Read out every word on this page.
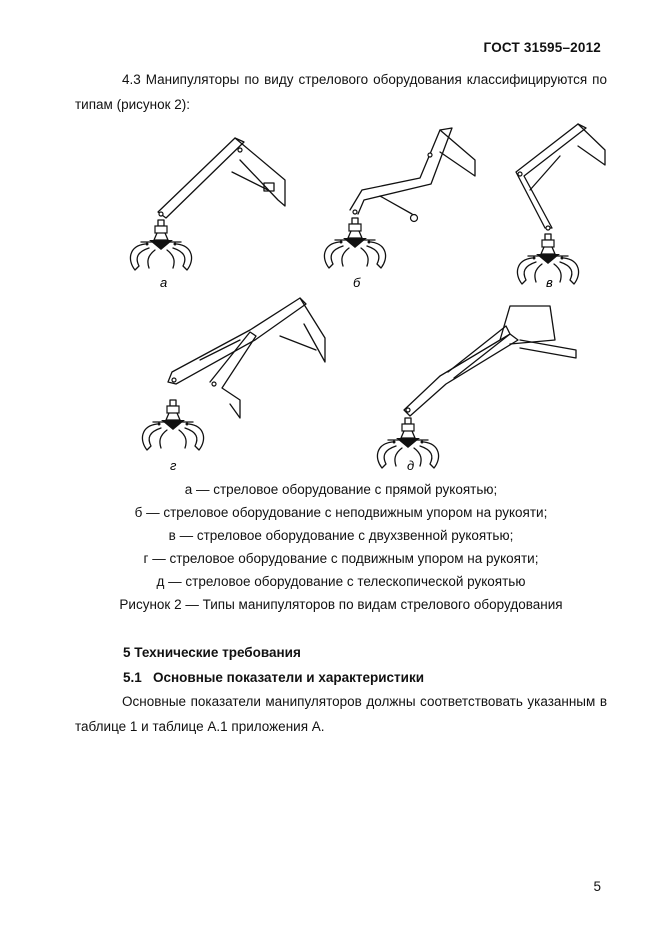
ГОСТ 31595–2012

4.3 Манипуляторы по виду стрелового оборудования классифицируются по типам (рисунок 2):

а	б	в
г	д
а — стреловое оборудование с прямой рукоятью;
б — стреловое оборудование с неподвижным упором на рукояти;
в — стреловое оборудование с двухзвенной рукоятью;
г — стреловое оборудование с подвижным упором на рукояти;
д — стреловое оборудование с телескопической рукоятью
Рисунок 2 — Типы манипуляторов по видам стрелового оборудования
5 Технические требования
5.1   Основные показатели и характеристики

Основные показатели манипуляторов должны соответствовать указанным в таблице 1 и таблице А.1 приложения А.

5
